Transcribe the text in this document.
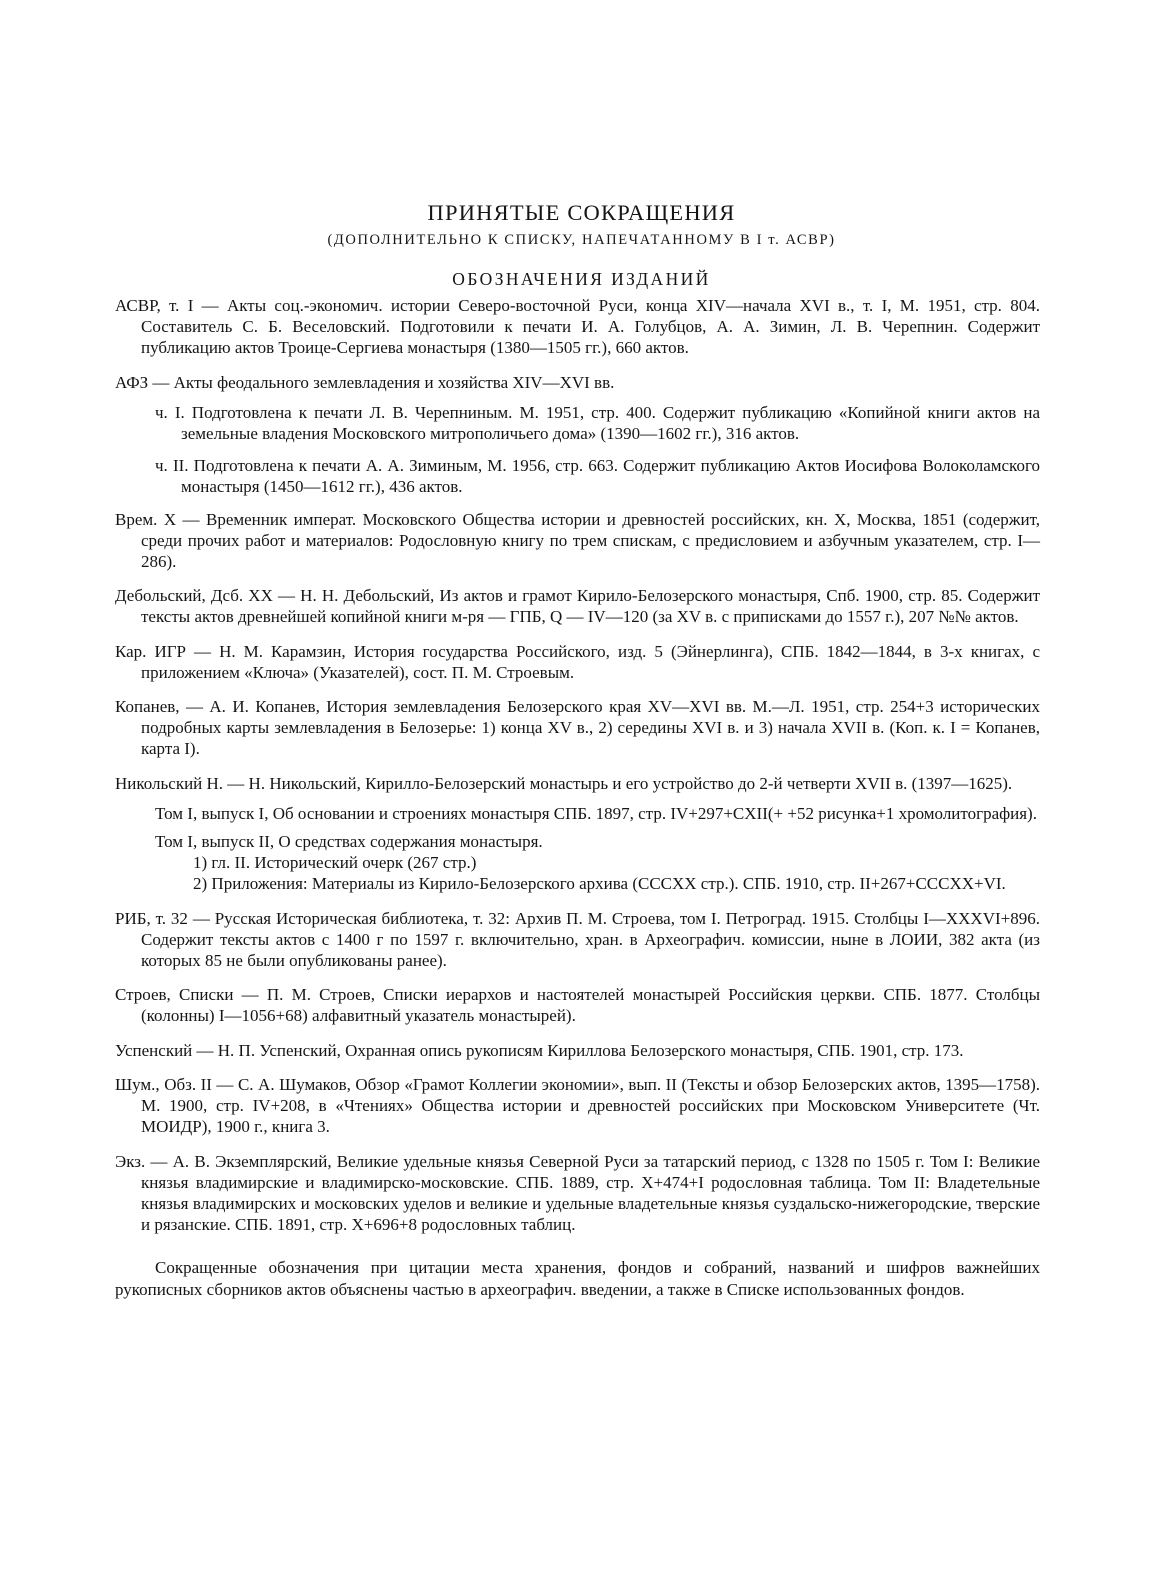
ПРИНЯТЫЕ СОКРАЩЕНИЯ
(ДОПОЛНИТЕЛЬНО К СПИСКУ, НАПЕЧАТАННОМУ В I т. АСВР)
ОБОЗНАЧЕНИЯ ИЗДАНИЙ

АСВР, т. I — Акты соц.-экономич. истории Северо-восточной Руси, конца XIV—начала XVI в., т. I, М. 1951, стр. 804. Составитель С. Б. Веселовский. Подготовили к печати И. А. Голубцов, А. А. Зимин, Л. В. Черепнин. Содержит публикацию актов Троице-Сергиева монастыря (1380—1505 гг.), 660 актов.

АФЗ — Акты феодального землевладения и хозяйства XIV—XVI вв.

ч. I. Подготовлена к печати Л. В. Черепниным. М. 1951, стр. 400. Содержит публикацию «Копийной книги актов на земельные владения Московского митрополичьего дома» (1390—1602 гг.), 316 актов.

ч. II. Подготовлена к печати А. А. Зиминым, М. 1956, стр. 663. Содержит публикацию Актов Иосифова Волоколамского монастыря (1450—1612 гг.), 436 актов.

Врем. X — Временник императ. Московского Общества истории и древностей российских, кн. X, Москва, 1851 (содержит, среди прочих работ и материалов: Родословную книгу по трем спискам, с предисловием и азбучным указателем, стр. I—286).

Дебольский, Дсб. XX — Н. Н. Дебольский, Из актов и грамот Кирило-Белозерского монастыря, Спб. 1900, стр. 85. Содержит тексты актов древнейшей копийной книги м-ря — ГПБ, Q — IV—120 (за XV в. с приписками до 1557 г.), 207 №№ актов.

Кар. ИГР — Н. М. Карамзин, История государства Российского, изд. 5 (Эйнерлинга), СПБ. 1842—1844, в 3-х книгах, с приложением «Ключа» (Указателей), сост. П. М. Строевым.

Копанев, — А. И. Копанев, История землевладения Белозерского края XV—XVI вв. М.—Л. 1951, стр. 254+3 исторических подробных карты землевладения в Белозерье: 1) конца XV в., 2) середины XVI в. и 3) начала XVII в. (Коп. к. I = Копанев, карта I).

Никольский Н. — Н. Никольский, Кирилло-Белозерский монастырь и его устройство до 2-й четверти XVII в. (1397—1625).

Том I, выпуск I, Об основании и строениях монастыря СПБ. 1897, стр. IV+297+CXII(+ +52 рисунка+1 хромолитография).

Том I, выпуск II, О средствах содержания монастыря.
1) гл. II. Исторический очерк (267 стр.)
2) Приложения: Материалы из Кирило-Белозерского архива (CCCXX стр.). СПБ. 1910, стр. II+267+CCCXX+VI.

РИБ, т. 32 — Русская Историческая библиотека, т. 32: Архив П. М. Строева, том I. Петроград. 1915. Столбцы I—XXXVI+896. Содержит тексты актов с 1400 г по 1597 г. включительно, хран. в Археографич. комиссии, ныне в ЛОИИ, 382 акта (из которых 85 не были опубликованы ранее).

Строев, Списки — П. М. Строев, Списки иерархов и настоятелей монастырей Российския церкви. СПБ. 1877. Столбцы (колонны) I—1056+68) алфавитный указатель монастырей).

Успенский — Н. П. Успенский, Охранная опись рукописям Кириллова Белозерского монастыря, СПБ. 1901, стр. 173.

Шум., Обз. II — С. А. Шумаков, Обзор «Грамот Коллегии экономии», вып. II (Тексты и обзор Белозерских актов, 1395—1758). М. 1900, стр. IV+208, в «Чтениях» Общества истории и древностей российских при Московском Университете (Чт. МОИДР), 1900 г., книга 3.

Экз. — А. В. Экземплярский, Великие удельные князья Северной Руси за татарский период, с 1328 по 1505 г. Том I: Великие князья владимирские и владимирско-московские. СПБ. 1889, стр. X+474+I родословная таблица. Том II: Владетельные князья владимирских и московских уделов и великие и удельные владетельные князья суздальско-нижегородские, тверские и рязанские. СПБ. 1891, стр. X+696+8 родословных таблиц.

Сокращенные обозначения при цитации места хранения, фондов и собраний, названий и шифров важнейших рукописных сборников актов объяснены частью в археографич. введении, а также в Списке использованных фондов.
